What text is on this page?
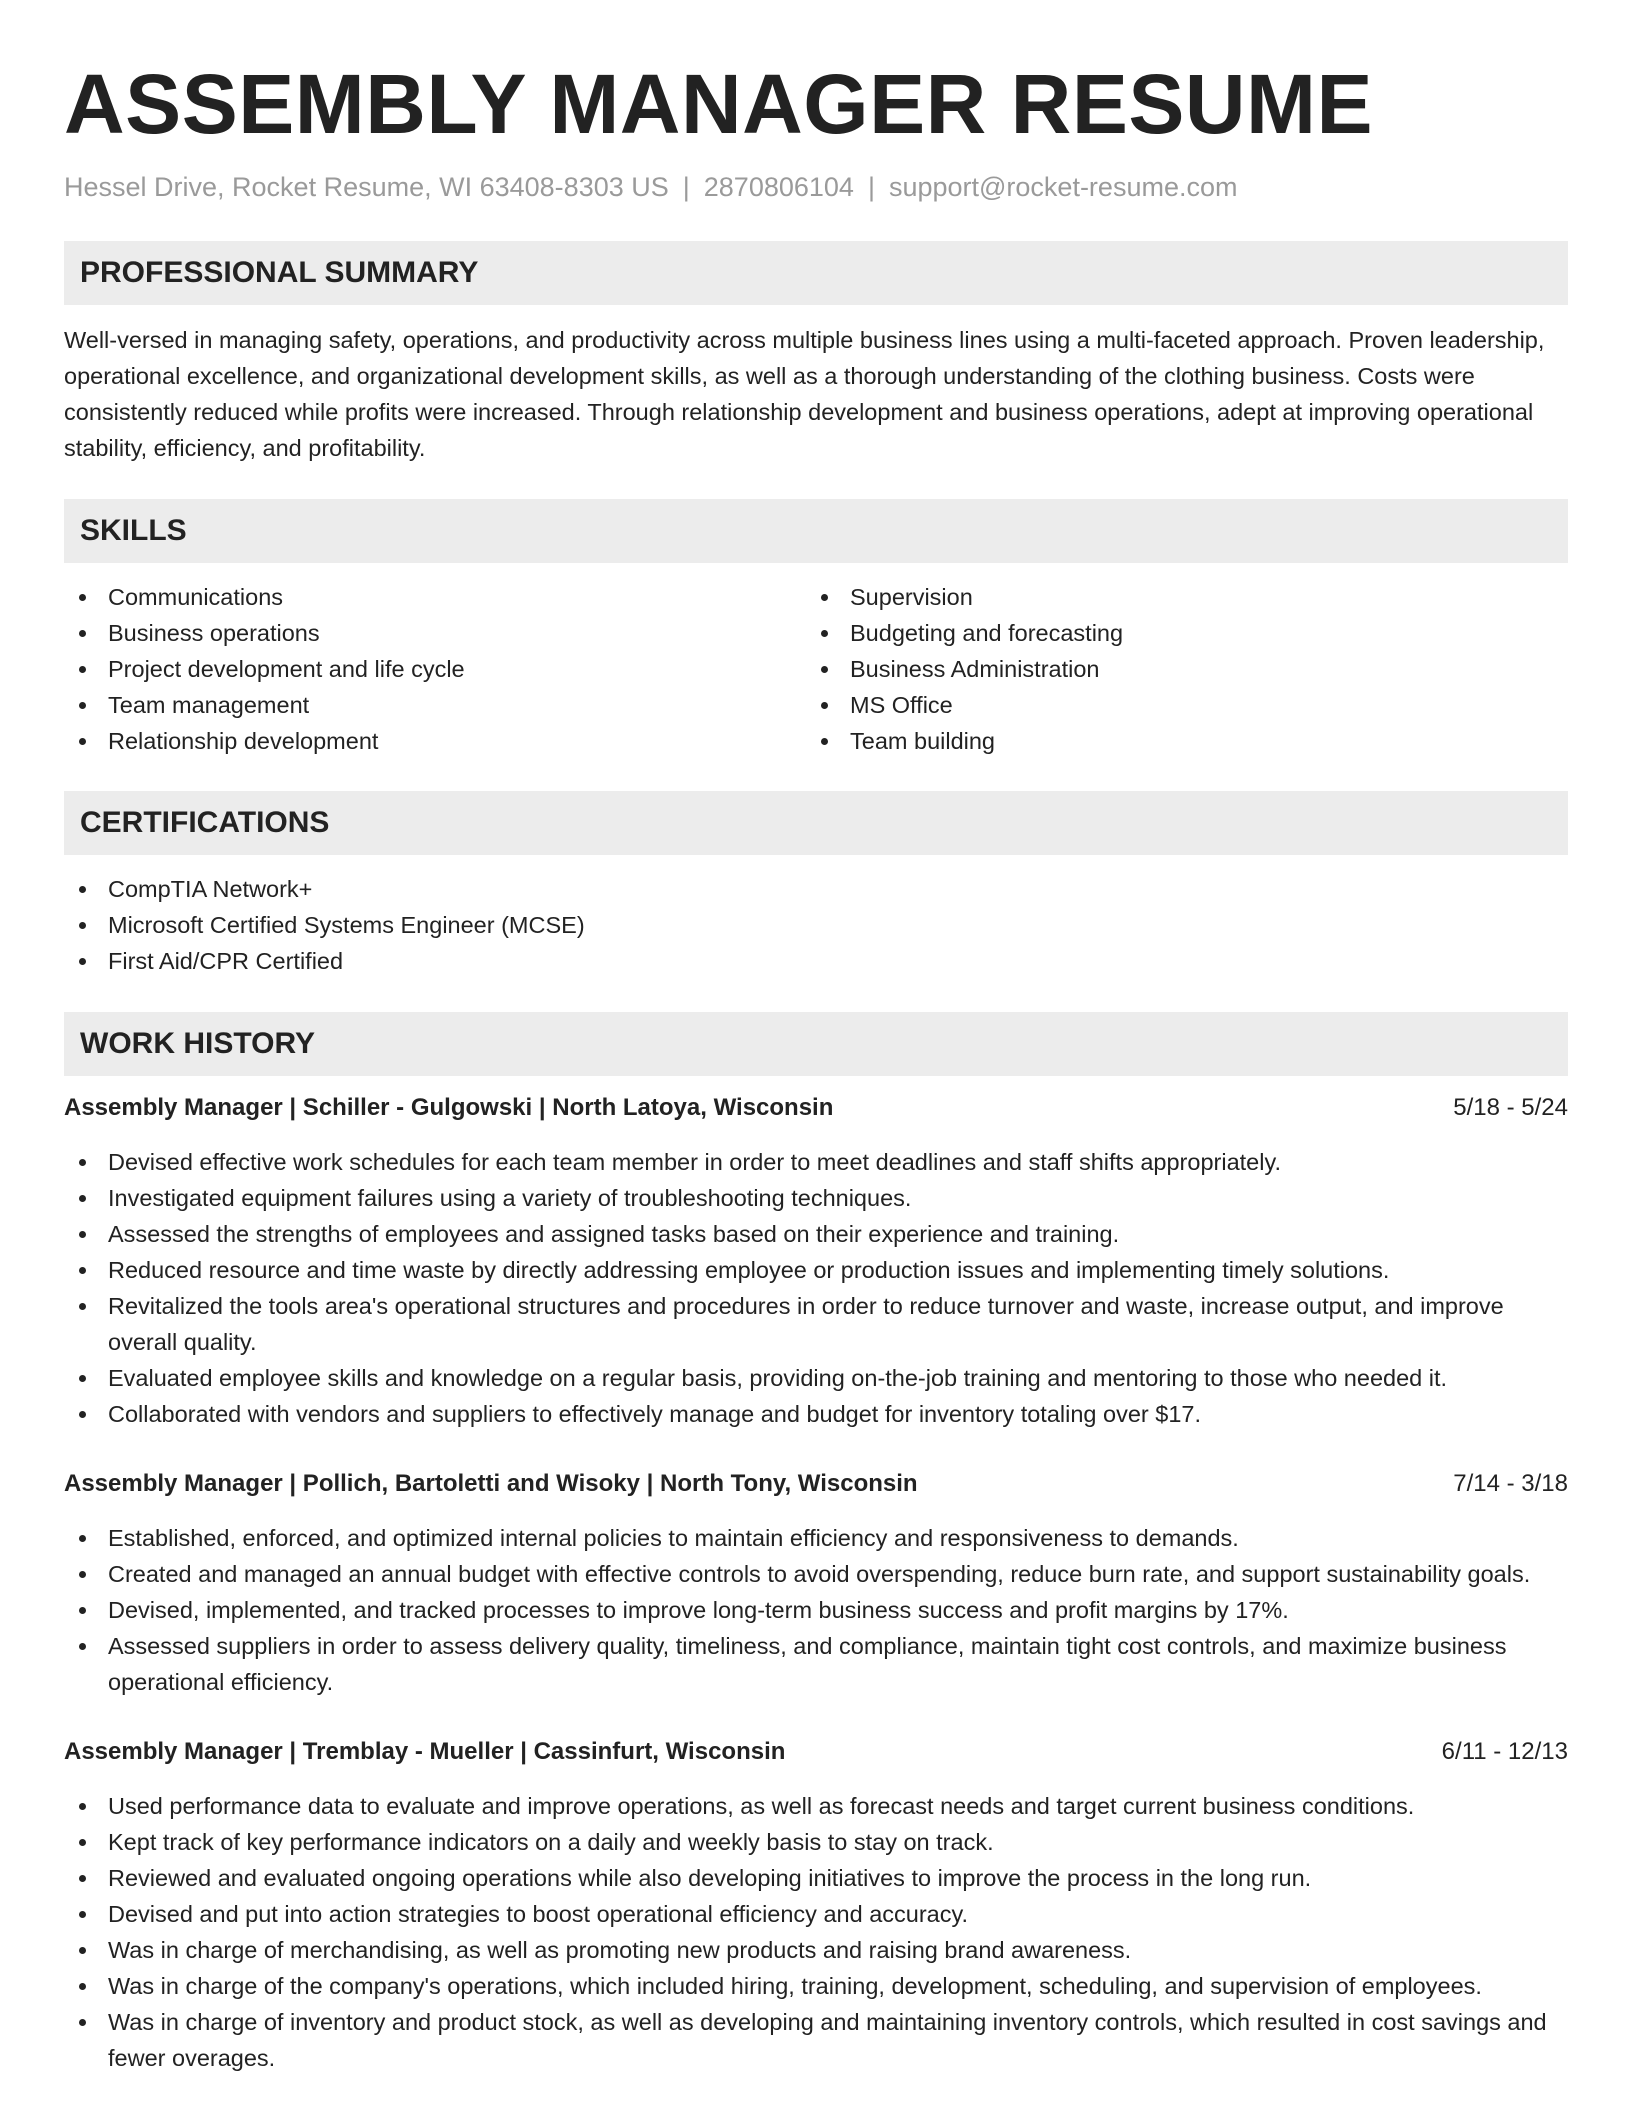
ASSEMBLY MANAGER RESUME
Hessel Drive, Rocket Resume, WI 63408-8303 US | 2870806104 | support@rocket-resume.com
PROFESSIONAL SUMMARY

Well-versed in managing safety, operations, and productivity across multiple business lines using a multi-faceted approach. Proven leadership, operational excellence, and organizational development skills, as well as a thorough understanding of the clothing business. Costs were consistently reduced while profits were increased. Through relationship development and business operations, adept at improving operational stability, efficiency, and profitability.

SKILLS
Communications
Business operations
Project development and life cycle
Team management
Relationship development
Supervision
Budgeting and forecasting
Business Administration
MS Office
Team building
CERTIFICATIONS
CompTIA Network+
Microsoft Certified Systems Engineer (MCSE)
First Aid/CPR Certified
WORK HISTORY
Assembly Manager | Schiller - Gulgowski | North Latoya, Wisconsin	5/18 - 5/24
Devised effective work schedules for each team member in order to meet deadlines and staff shifts appropriately.
Investigated equipment failures using a variety of troubleshooting techniques.
Assessed the strengths of employees and assigned tasks based on their experience and training.
Reduced resource and time waste by directly addressing employee or production issues and implementing timely solutions.
Revitalized the tools area's operational structures and procedures in order to reduce turnover and waste, increase output, and improve overall quality.
Evaluated employee skills and knowledge on a regular basis, providing on-the-job training and mentoring to those who needed it.
Collaborated with vendors and suppliers to effectively manage and budget for inventory totaling over $17.
Assembly Manager | Pollich, Bartoletti and Wisoky | North Tony, Wisconsin	7/14 - 3/18
Established, enforced, and optimized internal policies to maintain efficiency and responsiveness to demands.
Created and managed an annual budget with effective controls to avoid overspending, reduce burn rate, and support sustainability goals.
Devised, implemented, and tracked processes to improve long-term business success and profit margins by 17%.
Assessed suppliers in order to assess delivery quality, timeliness, and compliance, maintain tight cost controls, and maximize business operational efficiency.
Assembly Manager | Tremblay - Mueller | Cassinfurt, Wisconsin	6/11 - 12/13
Used performance data to evaluate and improve operations, as well as forecast needs and target current business conditions.
Kept track of key performance indicators on a daily and weekly basis to stay on track.
Reviewed and evaluated ongoing operations while also developing initiatives to improve the process in the long run.
Devised and put into action strategies to boost operational efficiency and accuracy.
Was in charge of merchandising, as well as promoting new products and raising brand awareness.
Was in charge of the company's operations, which included hiring, training, development, scheduling, and supervision of employees.
Was in charge of inventory and product stock, as well as developing and maintaining inventory controls, which resulted in cost savings and fewer overages.
